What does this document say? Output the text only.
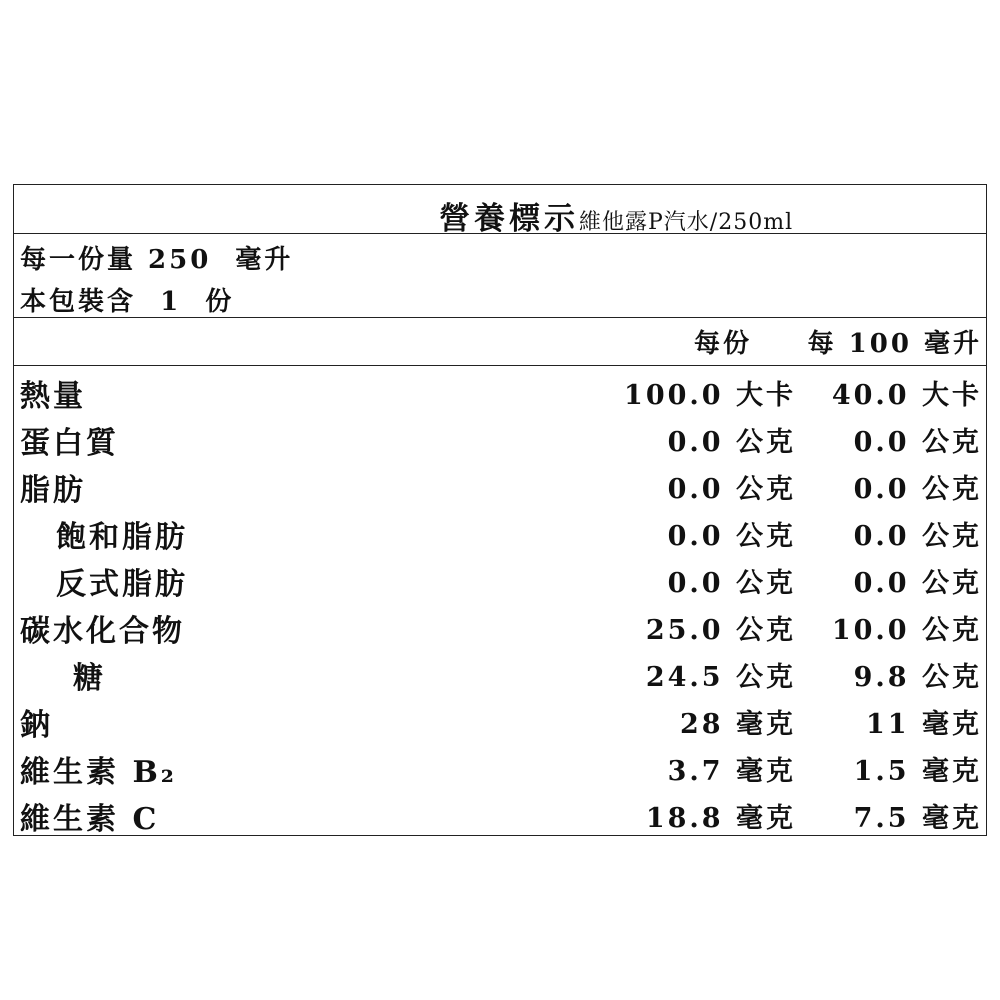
營養標示維他露P汽水/250ml
每一份量 250  毫升
本包裝含  1  份
每份 每 100 毫升
熱量	100.0 大卡 40.0 大卡
蛋白質	0.0 公克 0.0 公克
脂肪	0.0 公克 0.0 公克
飽和脂肪	0.0 公克 0.0 公克
反式脂肪	0.0 公克 0.0 公克
碳水化合物	25.0 公克 10.0 公克
糖	24.5 公克 9.8 公克
鈉	28 毫克	11 毫克
維生素 B₂	3.7 毫克 1.5 毫克
維生素 C	18.8 毫克 7.5 毫克
